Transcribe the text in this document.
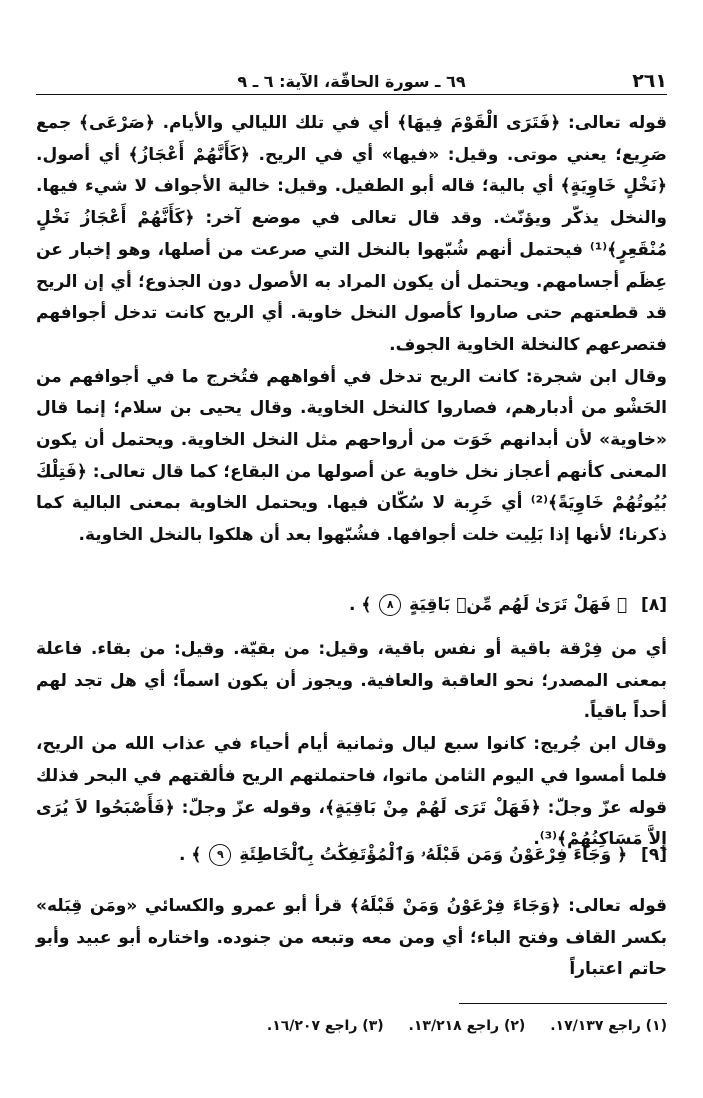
٢٦١
٦٩ ـ سورة الحاقّة، الآية: ٦ ـ ٩

قوله تعالى: ﴿فَتَرَى الْقَوْمَ فِيهَا﴾ أي في تلك الليالي والأيام. ﴿صَرْعَى﴾ جمع صَرِيع؛ يعني موتى. وقيل: «فيها» أي في الريح. ﴿كَأَنَّهُمْ أَعْجَازُ﴾ أي أصول. ﴿نَخْلٍ خَاوِيَةٍ﴾ أي بالية؛ قاله أبو الطفيل. وقيل: خالية الأجواف لا شيء فيها. والنخل يذكّر ويؤنّث. وقد قال تعالى في موضع آخر: ﴿كَأَنَّهُمْ أَعْجَازُ نَخْلٍ مُنْقَعِرٍ﴾⁽¹⁾ فيحتمل أنهم شُبّهوا بالنخل التي صرعت من أصلها، وهو إخبار عن عِظَم أجسامهم. ويحتمل أن يكون المراد به الأصول دون الجذوع؛ أي إن الريح قد قطعتهم حتى صاروا كأصول النخل خاوية. أي الريح كانت تدخل أجوافهم فتصرعهم كالنخلة الخاوية الجوف.

وقال ابن شجرة: كانت الريح تدخل في أفواههم فتُخرج ما في أجوافهم من الحَشْو من أدبارهم، فصاروا كالنخل الخاوية. وقال يحيى بن سلام؛ إنما قال «خاوية» لأن أبدانهم خَوَت من أرواحهم مثل النخل الخاوية. ويحتمل أن يكون المعنى كأنهم أعجاز نخل خاوية عن أصولها من البقاع؛ كما قال تعالى: ﴿فَتِلْكَ بُيُوتُهُمْ خَاوِيَةً﴾⁽²⁾ أي خَرِبة لا سُكّان فيها. ويحتمل الخاوية بمعنى البالية كما ذكرنا؛ لأنها إذا بَلِيت خلت أجوافها. فشُبّهوا بعد أن هلكوا بالنخل الخاوية.

[٨] ﴿ فَهَلْ تَرَىٰ لَهُم مِّنۢ بَاقِيَةٍ ٨ ﴾ .

أي من فِرْقة باقية أو نفس باقية، وقيل: من بقيّة. وقيل: من بقاء. فاعلة بمعنى المصدر؛ نحو العاقبة والعافية. ويجوز أن يكون اسماً؛ أي هل تجد لهم أحداً باقياً.

وقال ابن جُريج: كانوا سبع ليال وثمانية أيام أحياء في عذاب الله من الريح، فلما أمسوا في اليوم الثامن ماتوا، فاحتملتهم الريح فألقتهم في البحر فذلك قوله عزّ وجلّ: ﴿فَهَلْ تَرَى لَهُمْ مِنْ بَاقِيَةٍ﴾، وقوله عزّ وجلّ: ﴿فَأَصْبَحُوا لاَ يُرَى إِلاَّ مَسَاكِنُهُمْ﴾⁽³⁾.

[٩] ﴿ وَجَآءَ فِرْعَوْنُ وَمَن قَبْلَهُۥ وَٱلْمُؤْتَفِكَٰتُ بِٱلْخَاطِئَةِ ٩ ﴾ .

قوله تعالى: ﴿وَجَاءَ فِرْعَوْنُ وَمَنْ قَبْلَهُ﴾ قرأ أبو عمرو والكسائي «ومَن قِبَله» بكسر القاف وفتح الباء؛ أي ومن معه وتبعه من جنوده. واختاره أبو عبيد وأبو حاتم اعتباراً

(١) راجع ١٧/١٣٧. (٢) راجع ١٣/٢١٨. (٣) راجع ١٦/٢٠٧.
